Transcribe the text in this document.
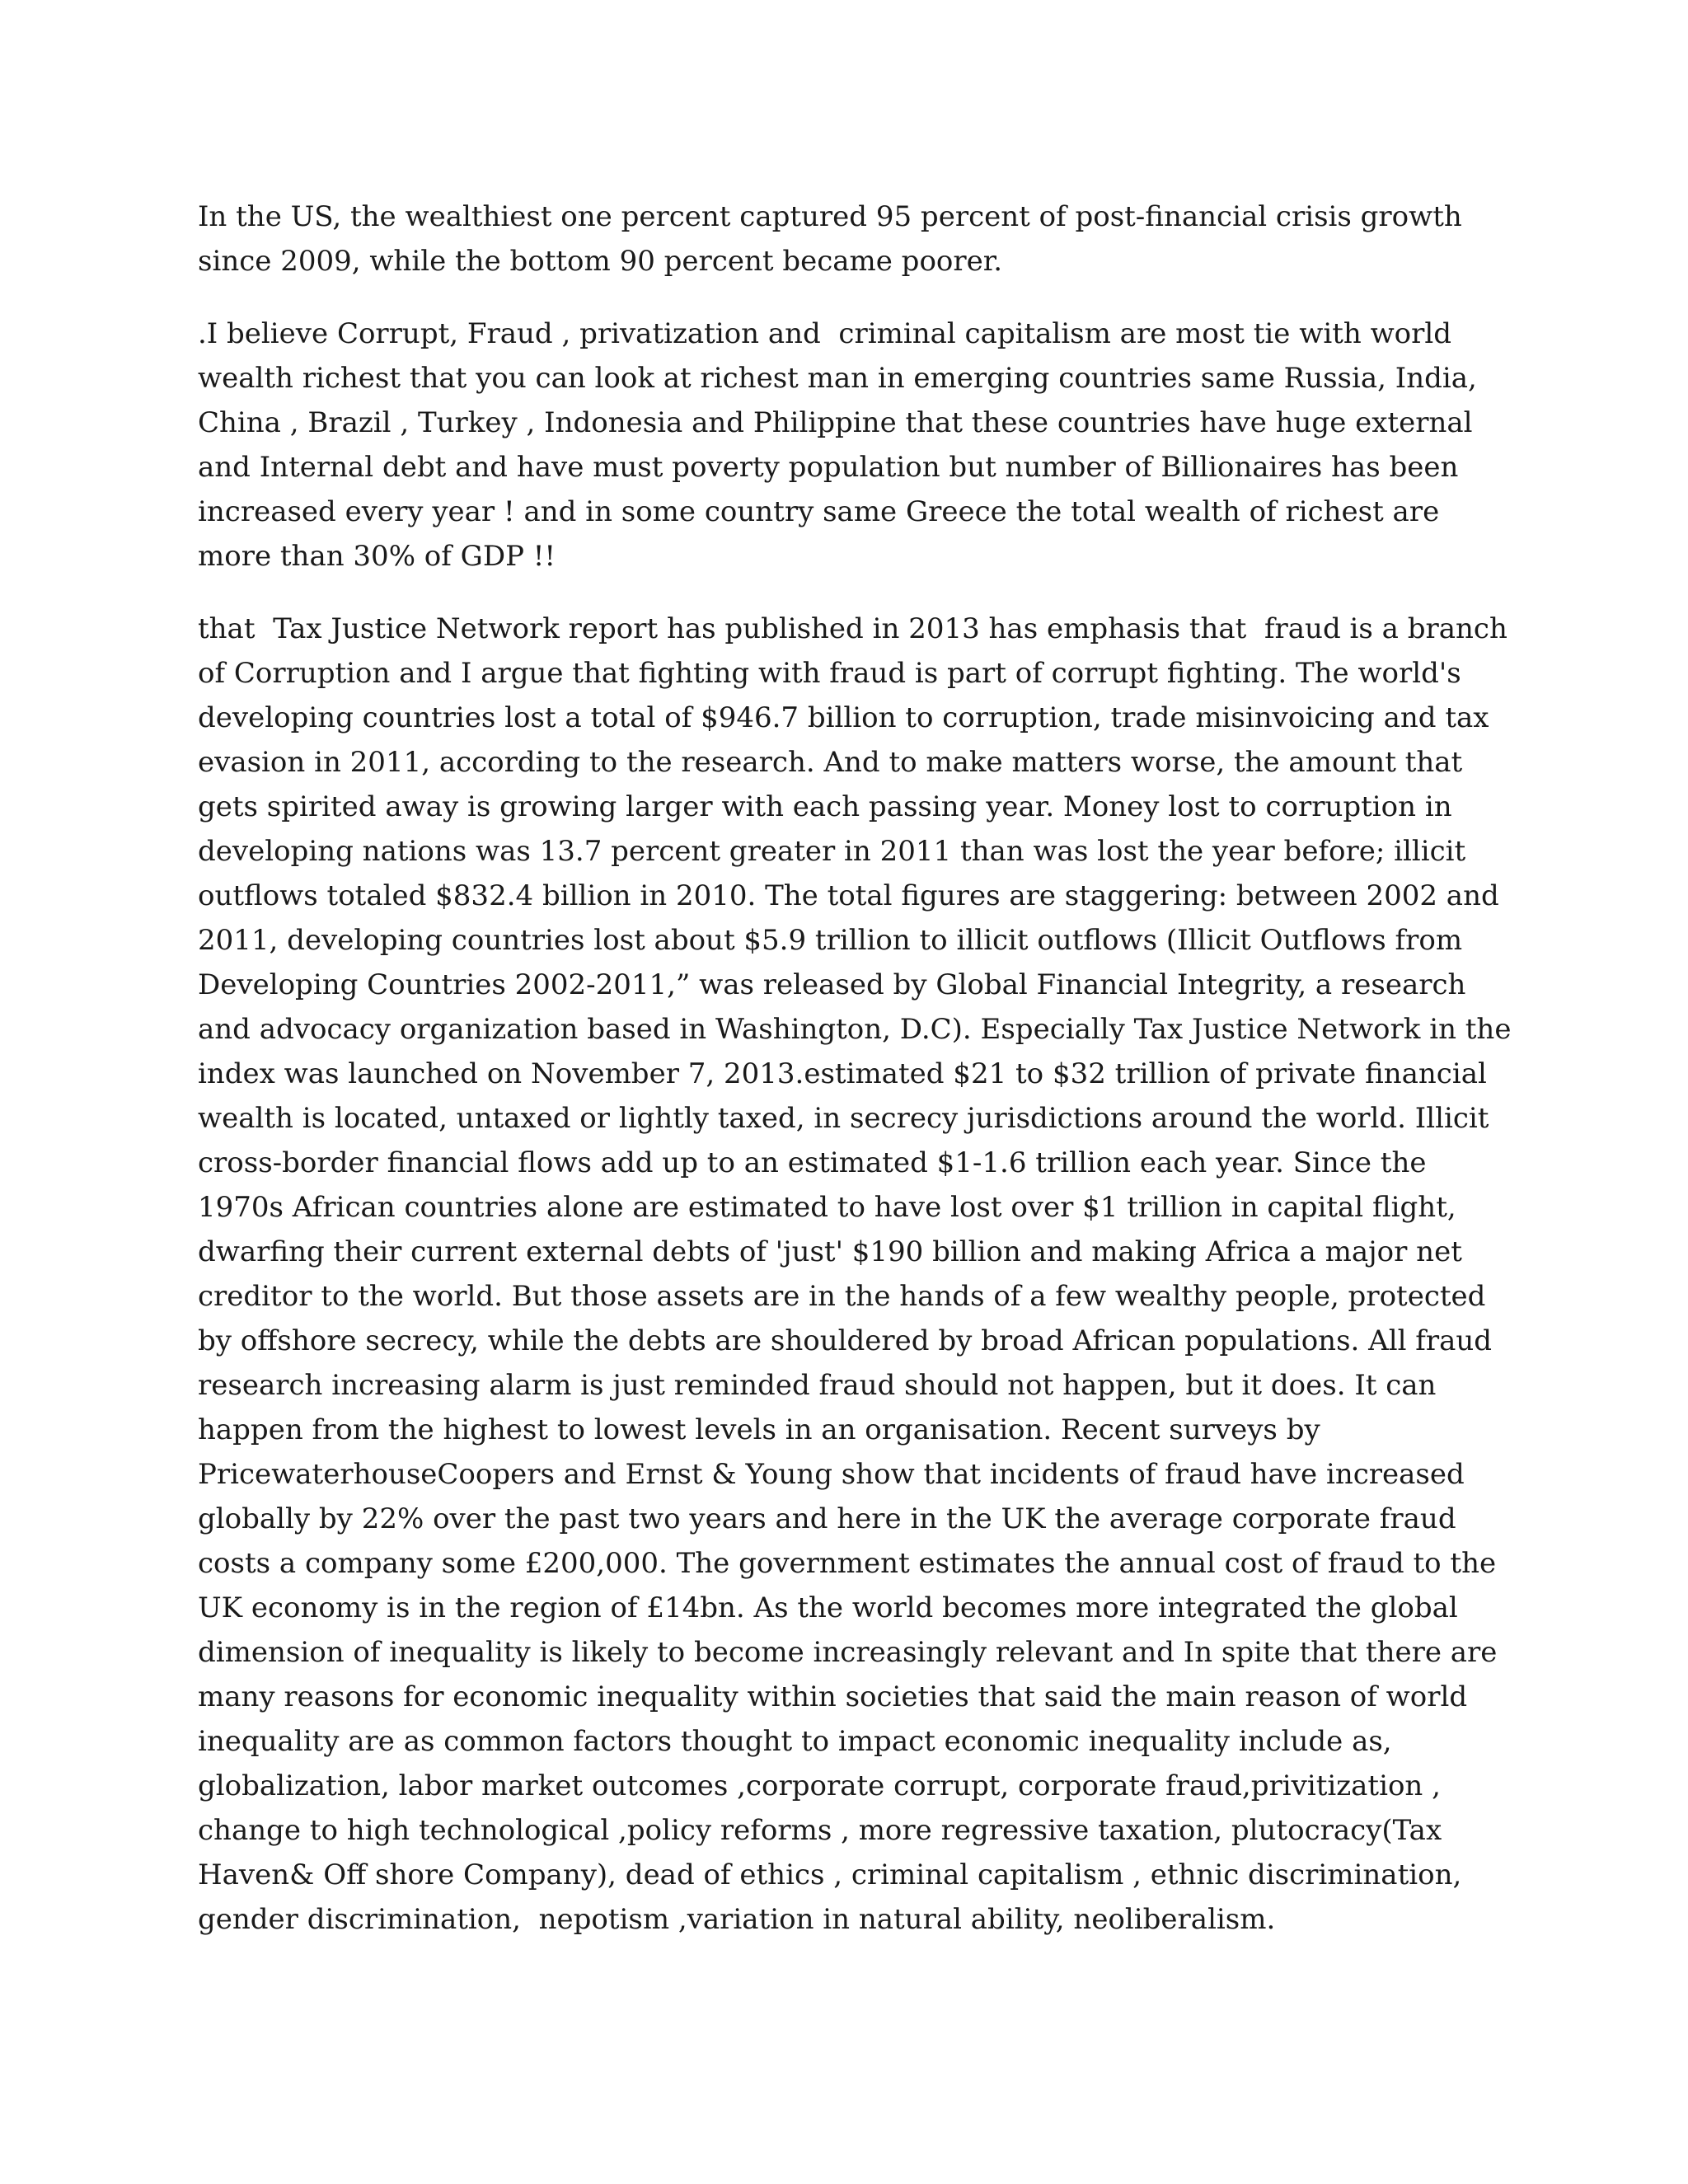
In the US, the wealthiest one percent captured 95 percent of post-financial crisis growth
since 2009, while the bottom 90 percent became poorer.

.I believe Corrupt, Fraud , privatization and  criminal capitalism are most tie with world
wealth richest that you can look at richest man in emerging countries same Russia, India,
China , Brazil , Turkey , Indonesia and Philippine that these countries have huge external
and Internal debt and have must poverty population but number of Billionaires has been
increased every year ! and in some country same Greece the total wealth of richest are
more than 30% of GDP !!

that  Tax Justice Network report has published in 2013 has emphasis that  fraud is a branch
of Corruption and I argue that fighting with fraud is part of corrupt fighting. The world's
developing countries lost a total of $946.7 billion to corruption, trade misinvoicing and tax
evasion in 2011, according to the research. And to make matters worse, the amount that
gets spirited away is growing larger with each passing year. Money lost to corruption in
developing nations was 13.7 percent greater in 2011 than was lost the year before; illicit
outflows totaled $832.4 billion in 2010. The total figures are staggering: between 2002 and
2011, developing countries lost about $5.9 trillion to illicit outflows (Illicit Outflows from
Developing Countries 2002-2011,” was released by Global Financial Integrity, a research
and advocacy organization based in Washington, D.C). Especially Tax Justice Network in the
index was launched on November 7, 2013.estimated $21 to $32 trillion of private financial
wealth is located, untaxed or lightly taxed, in secrecy jurisdictions around the world. Illicit
cross-border financial flows add up to an estimated $1-1.6 trillion each year. Since the
1970s African countries alone are estimated to have lost over $1 trillion in capital flight,
dwarfing their current external debts of 'just' $190 billion and making Africa a major net
creditor to the world. But those assets are in the hands of a few wealthy people, protected
by offshore secrecy, while the debts are shouldered by broad African populations. All fraud
research increasing alarm is just reminded fraud should not happen, but it does. It can
happen from the highest to lowest levels in an organisation. Recent surveys by
PricewaterhouseCoopers and Ernst & Young show that incidents of fraud have increased
globally by 22% over the past two years and here in the UK the average corporate fraud
costs a company some £200,000. The government estimates the annual cost of fraud to the
UK economy is in the region of £14bn. As the world becomes more integrated the global
dimension of inequality is likely to become increasingly relevant and In spite that there are
many reasons for economic inequality within societies that said the main reason of world
inequality are as common factors thought to impact economic inequality include as,
globalization, labor market outcomes ,corporate corrupt, corporate fraud,privitization ,
change to high technological ,policy reforms , more regressive taxation, plutocracy(Tax
Haven& Off shore Company), dead of ethics , criminal capitalism , ethnic discrimination,
gender discrimination,  nepotism ,variation in natural ability, neoliberalism.
